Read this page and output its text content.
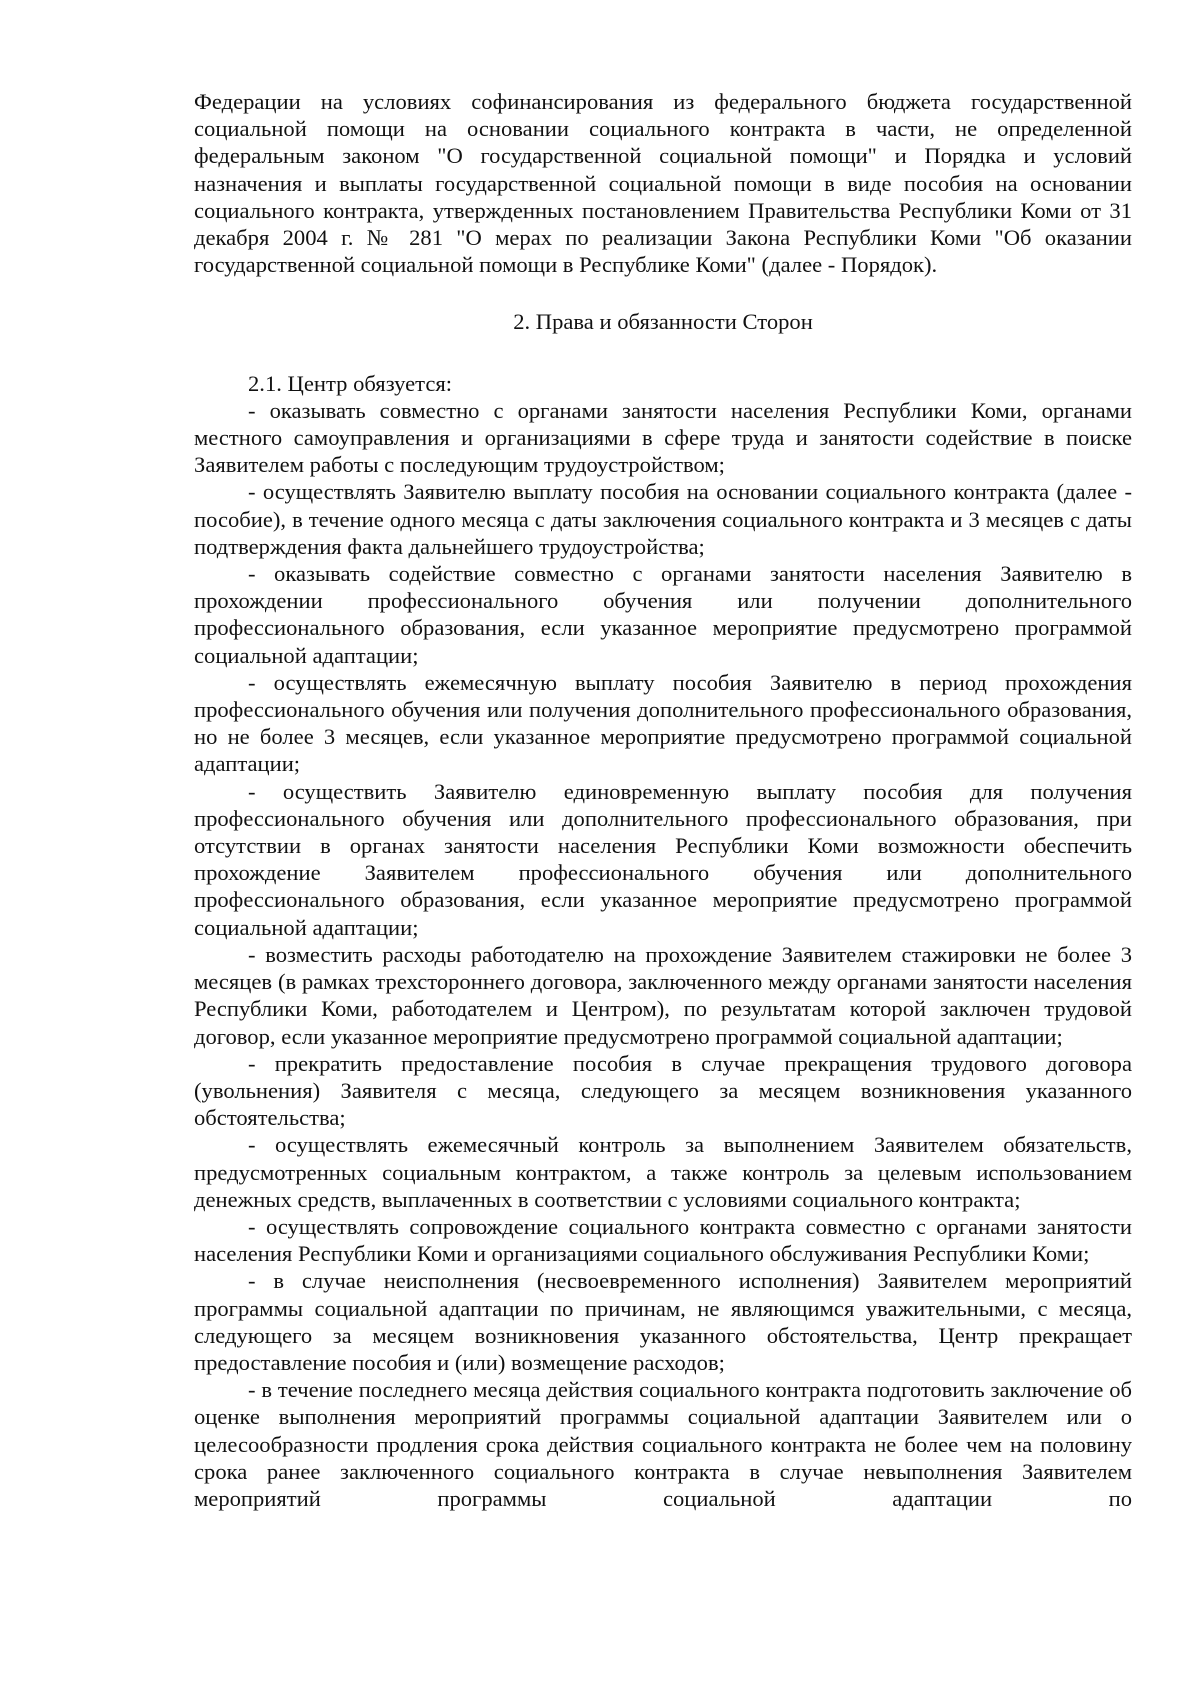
Федерации на условиях софинансирования из федерального бюджета государственной социальной помощи на основании социального контракта в части, не определенной федеральным законом "О государственной социальной помощи" и Порядка и условий назначения и выплаты государственной социальной помощи в виде пособия на основании социального контракта, утвержденных постановлением Правительства Республики Коми от 31 декабря 2004 г. № 281 "О мерах по реализации Закона Республики Коми "Об оказании государственной социальной помощи в Республике Коми" (далее - Порядок).

2. Права и обязанности Сторон

2.1. Центр обязуется:

- оказывать совместно с органами занятости населения Республики Коми, органами местного самоуправления и организациями в сфере труда и занятости содействие в поиске Заявителем работы с последующим трудоустройством;
- осуществлять Заявителю выплату пособия на основании социального контракта (далее - пособие), в течение одного месяца с даты заключения социального контракта и 3 месяцев с даты подтверждения факта дальнейшего трудоустройства;
- оказывать содействие совместно с органами занятости населения Заявителю в прохождении профессионального обучения или получении дополнительного профессионального образования, если указанное мероприятие предусмотрено программой социальной адаптации;
- осуществлять ежемесячную выплату пособия Заявителю в период прохождения профессионального обучения или получения дополнительного профессионального образования, но не более 3 месяцев, если указанное мероприятие предусмотрено программой социальной адаптации;
- осуществить Заявителю единовременную выплату пособия для получения профессионального обучения или дополнительного профессионального образования, при отсутствии в органах занятости населения Республики Коми возможности обеспечить прохождение Заявителем профессионального обучения или дополнительного профессионального образования, если указанное мероприятие предусмотрено программой социальной адаптации;
- возместить расходы работодателю на прохождение Заявителем стажировки не более 3 месяцев (в рамках трехстороннего договора, заключенного между органами занятости населения Республики Коми, работодателем и Центром), по результатам которой заключен трудовой договор, если указанное мероприятие предусмотрено программой социальной адаптации;
- прекратить предоставление пособия в случае прекращения трудового договора (увольнения) Заявителя с месяца, следующего за месяцем возникновения указанного обстоятельства;
- осуществлять ежемесячный контроль за выполнением Заявителем обязательств, предусмотренных социальным контрактом, а также контроль за целевым использованием денежных средств, выплаченных в соответствии с условиями социального контракта;
- осуществлять сопровождение социального контракта совместно с органами занятости населения Республики Коми и организациями социального обслуживания Республики Коми;
- в случае неисполнения (несвоевременного исполнения) Заявителем мероприятий программы социальной адаптации по причинам, не являющимся уважительными, с месяца, следующего за месяцем возникновения указанного обстоятельства, Центр прекращает предоставление пособия и (или) возмещение расходов;
- в течение последнего месяца действия социального контракта подготовить заключение об оценке выполнения мероприятий программы социальной адаптации Заявителем или о целесообразности продления срока действия социального контракта не более чем на половину срока ранее заключенного социального контракта в случае невыполнения Заявителем мероприятий программы социальной адаптации по
